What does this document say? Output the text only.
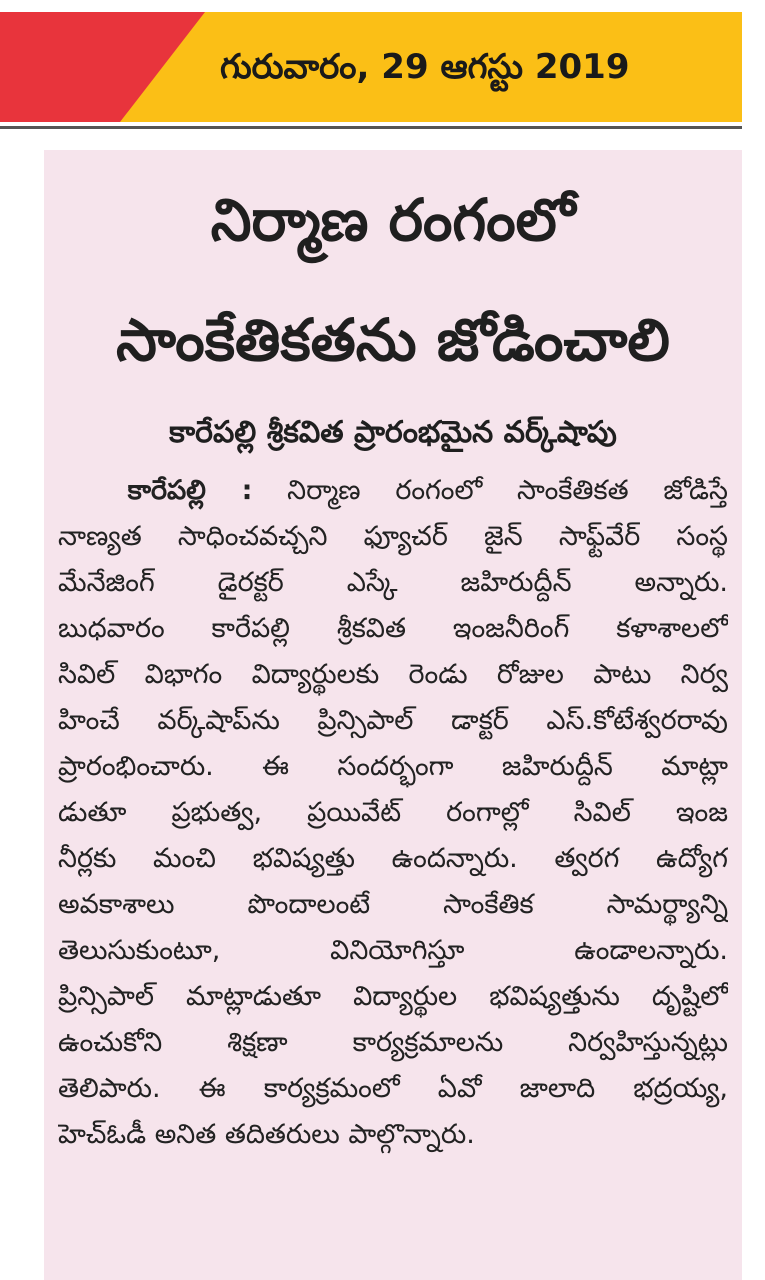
గురువారం, 29 ఆగస్టు 2019
నిర్మాణ రంగంలో
సాంకేతికతను జోడించాలి
కారేపల్లి శ్రీకవిత ప్రారంభమైన వర్క్‌షాపు
కారేపల్లి : నిర్మాణ రంగంలో సాంకేతికత జోడిస్తే
నాణ్యత సాధించవచ్చని ఫ్యూచర్ జైన్ సాఫ్ట్‌వేర్ సంస్థ
మేనేజింగ్ డైరక్టర్ ఎస్కే జహిరుద్దీన్ అన్నారు.
బుధవారం కారేపల్లి శ్రీకవిత ఇంజనీరింగ్ కళాశాలలో
సివిల్ విభాగం విద్యార్థులకు రెండు రోజుల పాటు నిర్వ
హించే వర్క్‌షాప్‌ను ప్రిన్సిపాల్ డాక్టర్ ఎస్.కోటేశ్వరరావు
ప్రారంభించారు. ఈ సందర్భంగా జహిరుద్దీన్ మాట్లా
డుతూ ప్రభుత్వ, ప్రయివేట్ రంగాల్లో సివిల్ ఇంజ
నీర్లకు మంచి భవిష్యత్తు ఉందన్నారు. త్వరగ ఉద్యోగ
అవకాశాలు పొందాలంటే సాంకేతిక సామర్థ్యాన్ని
తెలుసుకుంటూ, వినియోగిస్తూ ఉండాలన్నారు.
ప్రిన్సిపాల్ మాట్లాడుతూ విద్యార్థుల భవిష్యత్తును దృష్టిలో
ఉంచుకోని శిక్షణా కార్యక్రమాలను నిర్వహిస్తున్నట్లు
తెలిపారు. ఈ కార్యక్రమంలో ఏవో జాలాది భద్రయ్య,
హెచ్‌ఓడీ అనిత తదితరులు పాల్గొన్నారు.
